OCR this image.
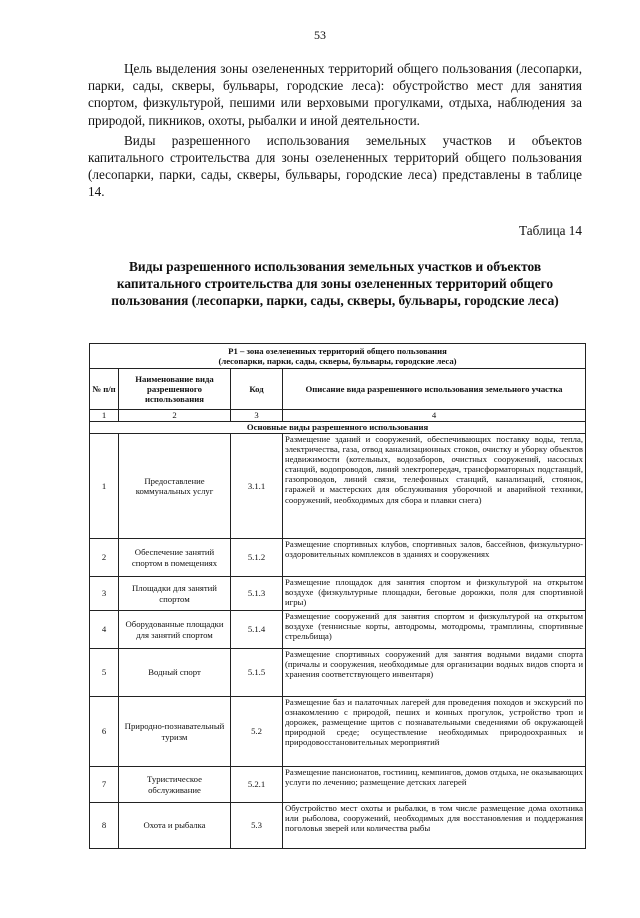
53

Цель выделения зоны озелененных территорий общего пользования (лесопарки, парки, сады, скверы, бульвары, городские леса): обустройство мест для занятия спортом, физкультурой, пешими или верховыми прогулками, отдыха, наблюдения за природой, пикников, охоты, рыбалки и иной деятельности.

Виды разрешенного использования земельных участков и объектов капитального строительства для зоны озелененных территорий общего пользования (лесопарки, парки, сады, скверы, бульвары, городские леса) представлены в таблице 14.

Таблица 14
Виды разрешенного использования земельных участков и объектов капитального строительства для зоны озелененных территорий общего пользования (лесопарки, парки, сады, скверы, бульвары, городские леса)
Р1 – зона озелененных территорий общего пользования
(лесопарки, парки, сады, скверы, бульвары, городские леса)			

№ п/п	Наименование вида разрешенного использования	Код	Описание вида разрешенного использования земельного участка
1	2	3	4
Основные виды разрешенного использования			
1	Предоставление коммунальных услуг	3.1.1	Размещение зданий и сооружений, обеспечивающих поставку воды, тепла, электричества, газа, отвод канализационных стоков, очистку и уборку объектов недвижимости (котельных, водозаборов, очистных сооружений, насосных станций, водопроводов, линий электропередач, трансформаторных подстанций, газопроводов, линий связи, телефонных станций, канализаций, стоянок, гаражей и мастерских для обслуживания уборочной и аварийной техники, сооружений, необходимых для сбора и плавки снега)
2	Обеспечение занятий спортом в помещениях	5.1.2	Размещение спортивных клубов, спортивных залов, бассейнов, физкультурно-оздоровительных комплексов в зданиях и сооружениях
3	Площадки для занятий спортом	5.1.3	Размещение площадок для занятия спортом и физкультурой на открытом воздухе (физкультурные площадки, беговые дорожки, поля для спортивной игры)
4	Оборудованные площадки для занятий спортом	5.1.4	Размещение сооружений для занятия спортом и физкультурой на открытом воздухе (теннисные корты, автодромы, мотодромы, трамплины, спортивные стрельбища)
5	Водный спорт	5.1.5	Размещение спортивных сооружений для занятия водными видами спорта (причалы и сооружения, необходимые для организации водных видов спорта и хранения соответствующего инвентаря)
6	Природно-познавательный туризм	5.2	Размещение баз и палаточных лагерей для проведения походов и экскурсий по ознакомлению с природой, пеших и конных прогулок, устройство троп и дорожек, размещение щитов с познавательными сведениями об окружающей природной среде; осуществление необходимых природоохранных и природовосстановительных мероприятий
7	Туристическое обслуживание	5.2.1	Размещение пансионатов, гостиниц, кемпингов, домов отдыха, не оказывающих услуги по лечению; размещение детских лагерей
8	Охота и рыбалка	5.3	Обустройство мест охоты и рыбалки, в том числе размещение дома охотника или рыболова, сооружений, необходимых для восстановления и поддержания поголовья зверей или количества рыбы
